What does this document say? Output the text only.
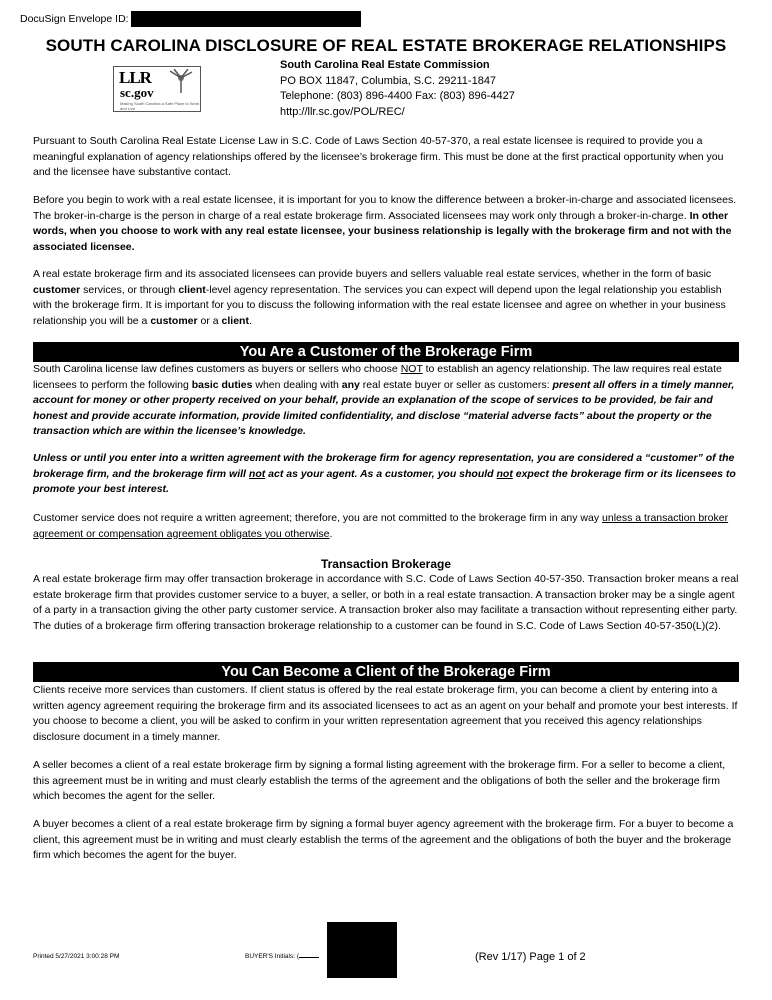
DocuSign Envelope ID:
SOUTH CAROLINA DISCLOSURE OF REAL ESTATE BROKERAGE RELATIONSHIPS
LLR
sc.gov
Making South Carolina a Safe Place to Work and Live
South Carolina Real Estate Commission
PO BOX 11847, Columbia, S.C. 29211-1847
Telephone: (803) 896-4400 Fax: (803) 896-4427
http://llr.sc.gov/POL/REC/

Pursuant to South Carolina Real Estate License Law in S.C. Code of Laws Section 40-57-370, a real estate licensee is required to provide you a meaningful explanation of agency relationships offered by the licensee’s brokerage firm. This must be done at the first practical opportunity when you and the licensee have substantive contact.

Before you begin to work with a real estate licensee, it is important for you to know the difference between a broker-in-charge and associated licensees. The broker-in-charge is the person in charge of a real estate brokerage firm. Associated licensees may work only through a broker-in-charge. In other words, when you choose to work with any real estate licensee, your business relationship is legally with the brokerage firm and not with the associated licensee.

A real estate brokerage firm and its associated licensees can provide buyers and sellers valuable real estate services, whether in the form of basic customer services, or through client-level agency representation. The services you can expect will depend upon the legal relationship you establish with the brokerage firm. It is important for you to discuss the following information with the real estate licensee and agree on whether in your business relationship you will be a customer or a client.

You Are a Customer of the Brokerage Firm

South Carolina license law defines customers as buyers or sellers who choose NOT to establish an agency relationship. The law requires real estate licensees to perform the following basic duties when dealing with any real estate buyer or seller as customers: present all offers in a timely manner, account for money or other property received on your behalf, provide an explanation of the scope of services to be provided, be fair and honest and provide accurate information, provide limited confidentiality, and disclose “material adverse facts” about the property or the transaction which are within the licensee’s knowledge.

Unless or until you enter into a written agreement with the brokerage firm for agency representation, you are considered a “customer” of the brokerage firm, and the brokerage firm will not act as your agent. As a customer, you should not expect the brokerage firm or its licensees to promote your best interest.

Customer service does not require a written agreement; therefore, you are not committed to the brokerage firm in any way unless a transaction broker agreement or compensation agreement obligates you otherwise.

Transaction Brokerage

A real estate brokerage firm may offer transaction brokerage in accordance with S.C. Code of Laws Section 40-57-350. Transaction broker means a real estate brokerage firm that provides customer service to a buyer, a seller, or both in a real estate transaction. A transaction broker may be a single agent of a party in a transaction giving the other party customer service. A transaction broker also may facilitate a transaction without representing either party. The duties of a brokerage firm offering transaction brokerage relationship to a customer can be found in S.C. Code of Laws Section 40-57-350(L)(2).

You Can Become a Client of the Brokerage Firm

Clients receive more services than customers. If client status is offered by the real estate brokerage firm, you can become a client by entering into a written agency agreement requiring the brokerage firm and its associated licensees to act as an agent on your behalf and promote your best interests. If you choose to become a client, you will be asked to confirm in your written representation agreement that you received this agency relationships disclosure document in a timely manner.

A seller becomes a client of a real estate brokerage firm by signing a formal listing agreement with the brokerage firm. For a seller to become a client, this agreement must be in writing and must clearly establish the terms of the agreement and the obligations of both the seller and the brokerage firm which becomes the agent for the seller.

A buyer becomes a client of a real estate brokerage firm by signing a formal buyer agency agreement with the brokerage firm. For a buyer to become a client, this agreement must be in writing and must clearly establish the terms of the agreement and the obligations of both the buyer and the brokerage firm which becomes the agent for the buyer.

Printed 5/27/2021 3:00:28 PM	BUYER'S Initials: (	(Rev 1/17) Page 1 of 2
